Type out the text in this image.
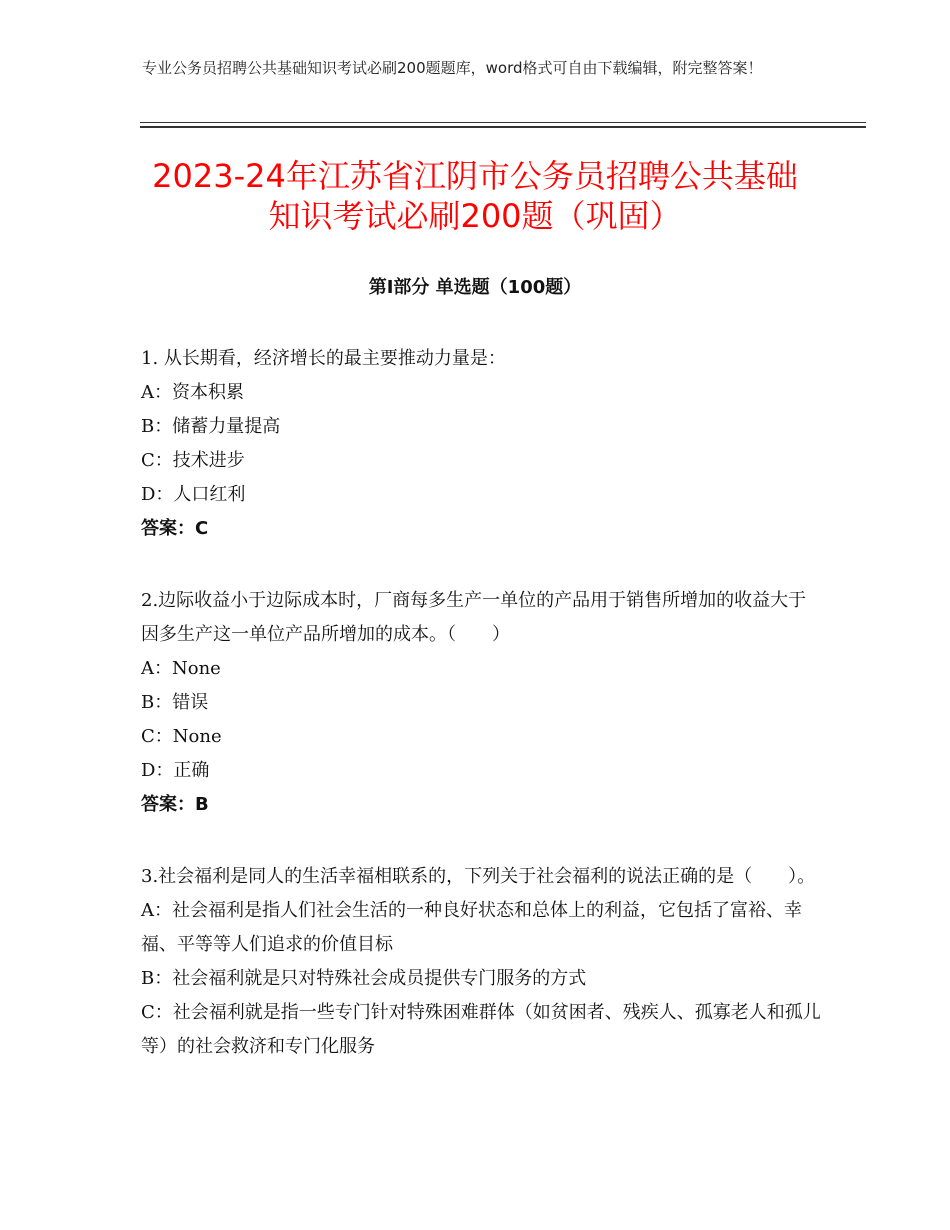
专业公务员招聘公共基础知识考试必刷200题题库，word格式可自由下载编辑，附完整答案！
2023-24年江苏省江阴市公务员招聘公共基础知识考试必刷200题（巩固）
第Ⅰ部分 单选题（100题）
1. 从长期看，经济增长的最主要推动力量是：
A：资本积累
B：储蓄力量提高
C：技术进步
D：人口红利
答案：C
2.边际收益小于边际成本时，厂商每多生产一单位的产品用于销售所增加的收益大于因多生产这一单位产品所增加的成本。（　　）
A：None
B：错误
C：None
D：正确
答案：B
3.社会福利是同人的生活幸福相联系的，下列关于社会福利的说法正确的是（　　）。
A：社会福利是指人们社会生活的一种良好状态和总体上的利益，它包括了富裕、幸福、平等等人们追求的价值目标
B：社会福利就是只对特殊社会成员提供专门服务的方式
C：社会福利就是指一些专门针对特殊困难群体（如贫困者、残疾人、孤寡老人和孤儿等）的社会救济和专门化服务
